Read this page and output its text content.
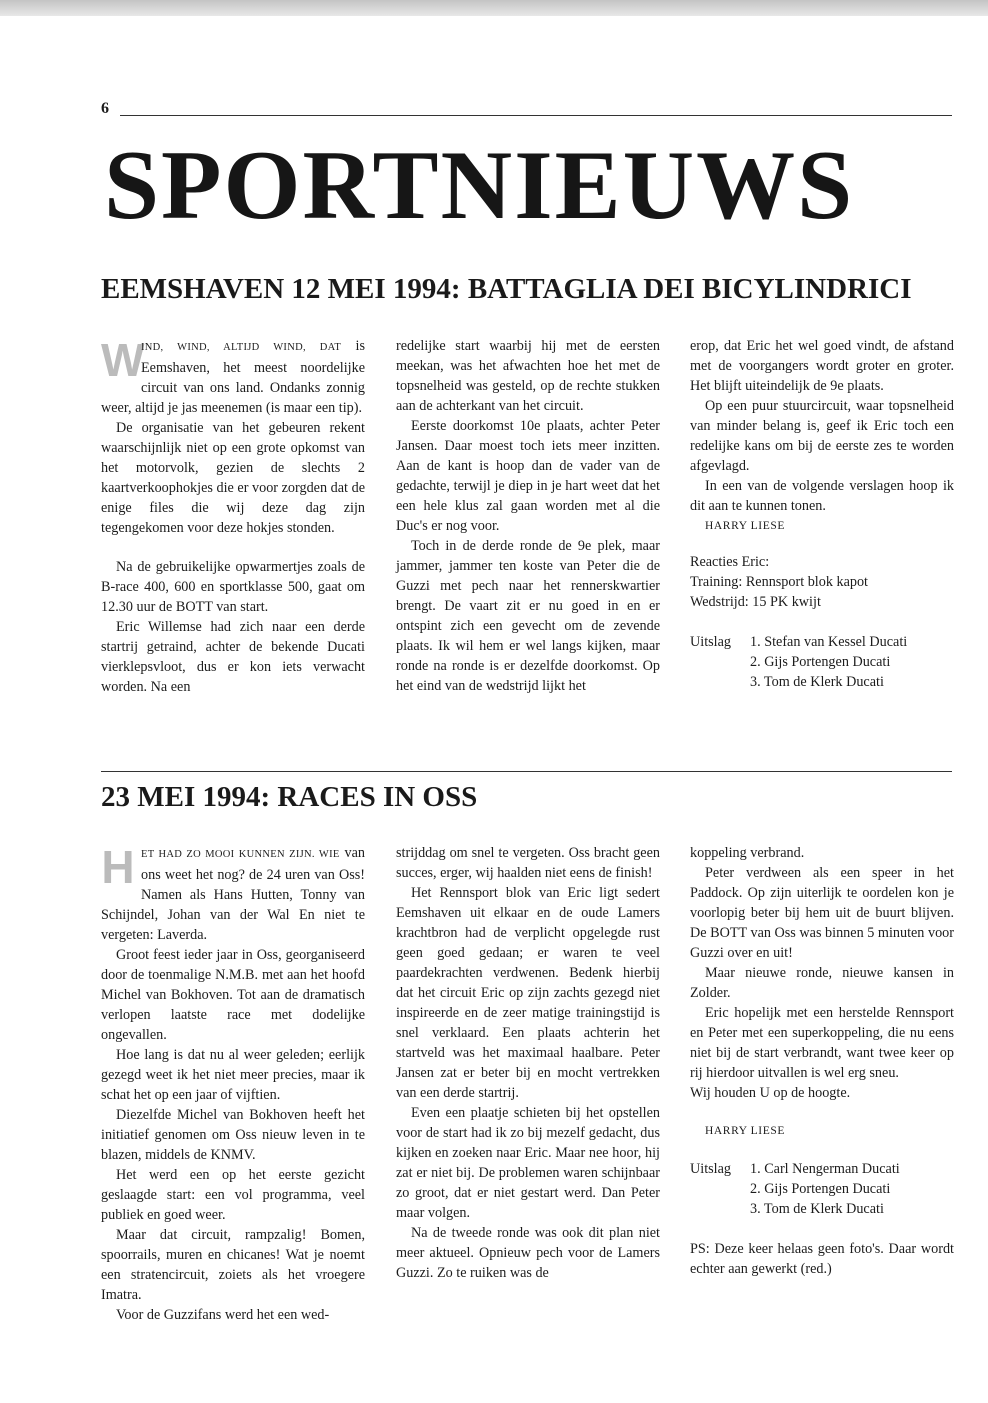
6
SPORTNIEUWS
EEMSHAVEN 12 MEI 1994: BATTAGLIA DEI BICYLINDRICI

W
IND, WIND, ALTIJD WIND, DAT is Eemshaven, het meest noordelijke circuit van ons land. Ondanks zonnig weer, altijd je jas meenemen (is maar een tip).

De organisatie van het gebeuren rekent waarschijnlijk niet op een grote opkomst van het motorvolk, gezien de slechts 2 kaartverkoophokjes die er voor zorgden dat de enige files die wij deze dag zijn tegengekomen voor deze hokjes stonden.

Na de gebruikelijke opwarmertjes zoals de B-race 400, 600 en sportklasse 500, gaat om 12.30 uur de BOTT van start.

Eric Willemse had zich naar een derde startrij getraind, achter de bekende Ducati vierklepsvloot, dus er kon iets verwacht worden. Na een

redelijke start waarbij hij met de eersten meekan, was het afwachten hoe het met de topsnelheid was gesteld, op de rechte stukken aan de achterkant van het circuit.

Eerste doorkomst 10e plaats, achter Peter Jansen. Daar moest toch iets meer inzitten. Aan de kant is hoop dan de vader van de gedachte, terwijl je diep in je hart weet dat het een hele klus zal gaan worden met al die Duc's er nog voor.

Toch in de derde ronde de 9e plek, maar jammer, jammer ten koste van Peter die de Guzzi met pech naar het rennerskwartier brengt. De vaart zit er nu goed in en er ontspint zich een gevecht om de zevende plaats. Ik wil hem er wel langs kijken, maar ronde na ronde is er dezelfde doorkomst. Op het eind van de wedstrijd lijkt het

erop, dat Eric het wel goed vindt, de afstand met de voorgangers wordt groter en groter. Het blijft uiteindelijk de 9e plaats.

Op een puur stuurcircuit, waar topsnelheid van minder belang is, geef ik Eric toch een redelijke kans om bij de eerste zes te worden afgevlagd.

In een van de volgende verslagen hoop ik dit aan te kunnen tonen.

HARRY LIESE

Reacties Eric:
Training: Rennsport blok kapot
Wedstrijd: 15 PK kwijt
Uitslag	1. Stefan van Kessel Ducati
2. Gijs Portengen Ducati
3. Tom de Klerk Ducati
23 MEI 1994: RACES IN OSS

HET HAD ZO MOOI KUNNEN ZIJN. WIE van ons weet het nog? de 24 uren van Oss! Namen als Hans Hutten, Tonny van Schijndel, Johan van der Wal En niet te vergeten: Laverda.

Groot feest ieder jaar in Oss, georganiseerd door de toenmalige N.M.B. met aan het hoofd Michel van Bokhoven. Tot aan de dramatisch verlopen laatste race met dodelijke ongevallen.

Hoe lang is dat nu al weer geleden; eerlijk gezegd weet ik het niet meer precies, maar ik schat het op een jaar of vijftien.

Diezelfde Michel van Bokhoven heeft het initiatief genomen om Oss nieuw leven in te blazen, middels de KNMV.

Het werd een op het eerste gezicht geslaagde start: een vol programma, veel publiek en goed weer.

Maar dat circuit, rampzalig! Bomen, spoorrails, muren en chicanes! Wat je noemt een stratencircuit, zoiets als het vroegere Imatra.

Voor de Guzzifans werd het een wed-

strijddag om snel te vergeten. Oss bracht geen succes, erger, wij haalden niet eens de finish!

Het Rennsport blok van Eric ligt sedert Eemshaven uit elkaar en de oude Lamers krachtbron had de verplicht opgelegde rust geen goed gedaan; er waren te veel paardekrachten verdwenen. Bedenk hierbij dat het circuit Eric op zijn zachts gezegd niet inspireerde en de zeer matige trainingstijd is snel verklaard. Een plaats achterin het startveld was het maximaal haalbare. Peter Jansen zat er beter bij en mocht vertrekken van een derde startrij.

Even een plaatje schieten bij het opstellen voor de start had ik zo bij mezelf gedacht, dus kijken en zoeken naar Eric. Maar nee hoor, hij zat er niet bij. De problemen waren schijnbaar zo groot, dat er niet gestart werd. Dan Peter maar volgen.

Na de tweede ronde was ook dit plan niet meer aktueel. Opnieuw pech voor de Lamers Guzzi. Zo te ruiken was de

koppeling verbrand.

Peter verdween als een speer in het Paddock. Op zijn uiterlijk te oordelen kon je voorlopig beter bij hem uit de buurt blijven. De BOTT van Oss was binnen 5 minuten voor Guzzi over en uit!

Maar nieuwe ronde, nieuwe kansen in Zolder.

Eric hopelijk met een herstelde Rennsport en Peter met een superkoppeling, die nu eens niet bij de start verbrandt, want twee keer op rij hierdoor uitvallen is wel erg sneu.

Wij houden U op de hoogte.

HARRY LIESE

Uitslag	1. Carl Nengerman Ducati
2. Gijs Portengen Ducati
3. Tom de Klerk Ducati

PS: Deze keer helaas geen foto's. Daar wordt echter aan gewerkt (red.)
